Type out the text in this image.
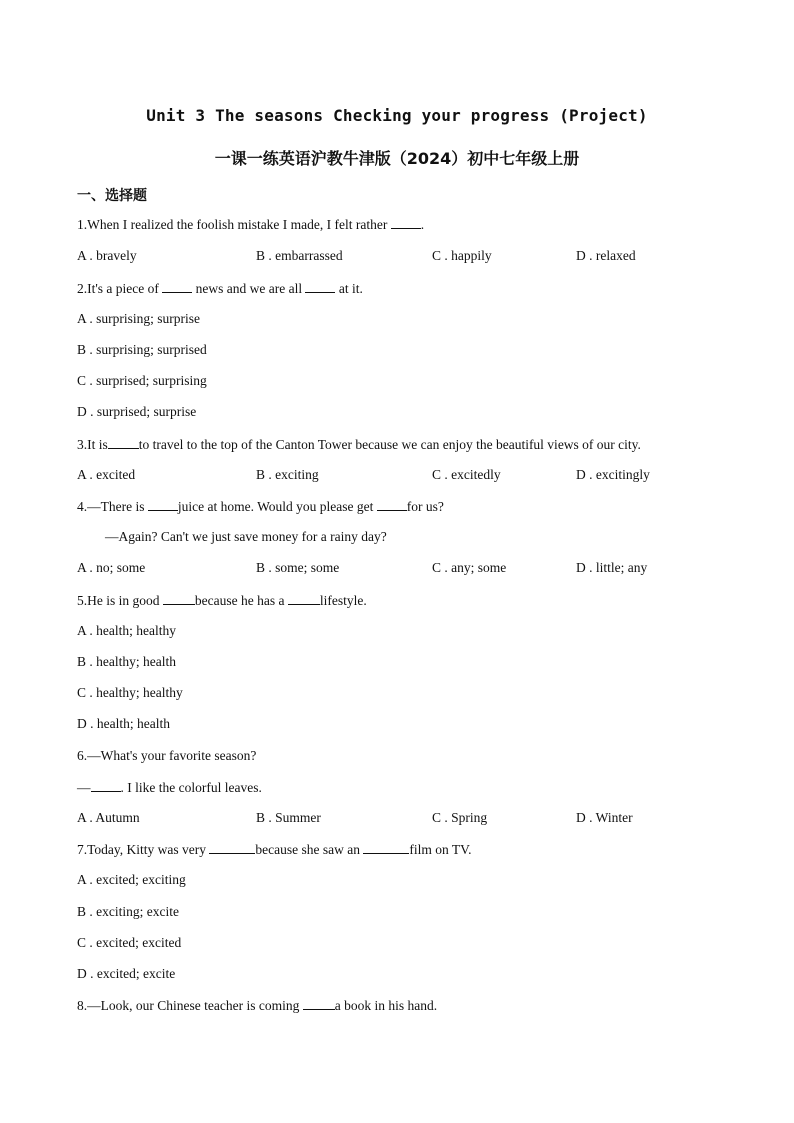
Unit 3 The seasons Checking your progress (Project)
一课一练英语沪教牛津版（2024）初中七年级上册
一、选择题

1.When I realized the foolish mistake I made, I felt rather .

A . bravely	B . embarrassed	C . happily	D . relaxed

2.It's a piece of  news and we are all  at it.

A . surprising; surprise

B . surprising; surprised

C . surprised; surprising

D . surprised; surprise

3.It is to travel to the top of the Canton Tower because we can enjoy the beautiful views of our city.

A . excited	B . exciting	C . excitedly	D . excitingly

4.—There is juice at home. Would you please get for us?

—Again? Can't we just save money for a rainy day?

A . no; some	B . some; some	C . any; some	D . little; any

5.He is in good because he has a lifestyle.

A . health; healthy

B . healthy; health

C . healthy; healthy

D . health; health

6.—What's your favorite season?

— . I like the colorful leaves.

A . Autumn	B . Summer	C . Spring	D . Winter

7.Today, Kitty was very	because she saw an	film on TV.

A . excited; exciting

B . exciting; excite

C . excited; excited

D . excited; excite

8.—Look, our Chinese teacher is coming a book in his hand.
